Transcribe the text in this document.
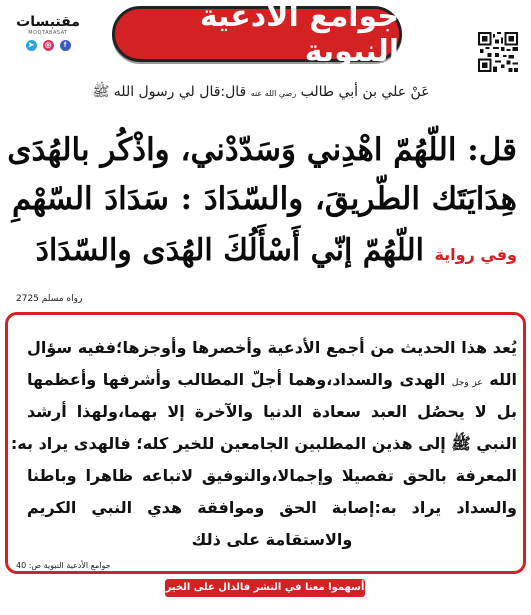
جوامع الأدعية النبوية
مقتبسات
MOQTABASAT
➤	◎	f
عَنْ علي بن أبي طالب رضي الله عنه قال:قال لي رسول الله ﷺ
قل: اللّهُمّ اهْدِني وَسَدّدْني، واذْكُر بالهُدَى
هِدَايَتَك الطّريقَ، والسّدَادَ : سَدَادَ السّهْمِ
وفي رواية اللّهُمّ إنّي أَسْأَلُكَ الهُدَى والسّدَادَ
رواه مسلم 2725
يُعد هذا الحديث من أجمع الأدعية وأخصرها وأوجزها؛ففيه سؤال
الله عز وجل الهدى والسداد،وهما أجلّ المطالب وأشرفها وأعظمها
بل لا يحصُل العبد سعادة الدنيا والآخرة إلا بهما،ولهذا أرشد
النبي ﷺ إلى هذين المطلبين الجامعين للخير كله؛ فالهدى يراد به:
المعرفة بالحق تفصيلا وإجمالا،والتوفيق لاتباعه ظاهرا وباطنا
والسداد يراد به:إصابة الحق وموافقة هدي النبي الكريم
والاستقامة على ذلك
جوامع الأدعية النبوية ص: 40
أسهموا معنا في النشر فالدال على الخير كفاعله
